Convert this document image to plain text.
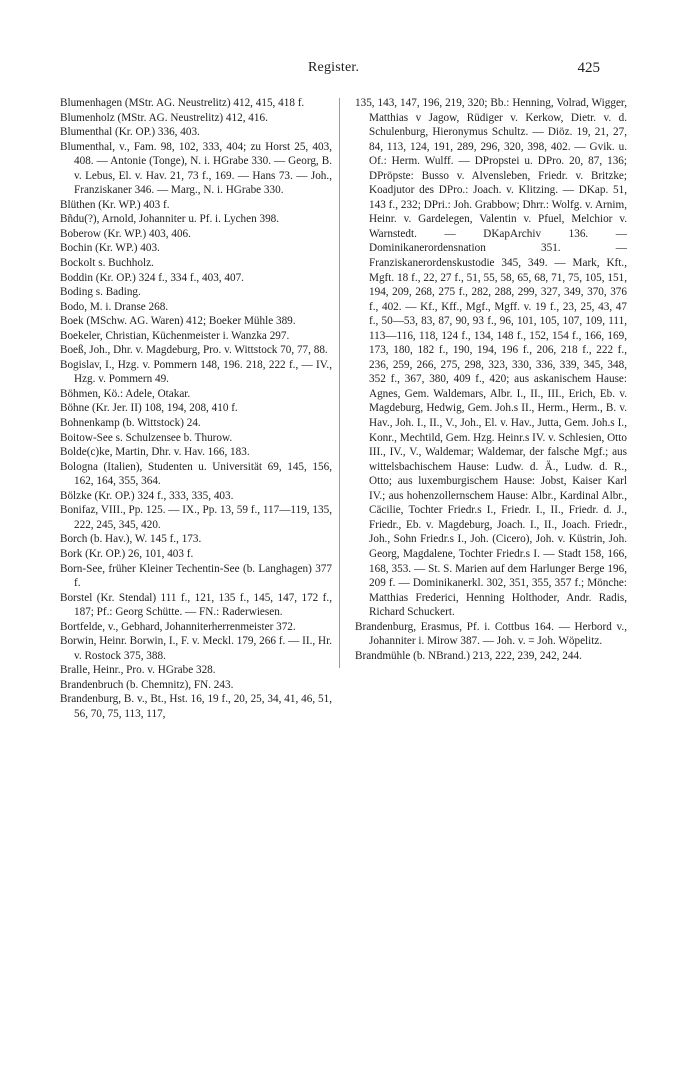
Register.	425

Blumenhagen (MStr. AG. Neustrelitz) 412, 415, 418 f.

Blumenholz (MStr. AG. Neustrelitz) 412, 416.

Blumenthal (Kr. OP.) 336, 403.

Blumenthal, v., Fam. 98, 102, 333, 404; zu Horst 25, 403, 408. — Antonie (Tonge), N. i. HGrabe 330. — Georg, B. v. Lebus, El. v. Hav. 21, 73 f., 169. — Hans 73. — Joh., Franziskaner 346. — Marg., N. i. HGrabe 330.

Blüthen (Kr. WP.) 403 f.

Bñdu(?), Arnold, Johanniter u. Pf. i. Lychen 398.

Boberow (Kr. WP.) 403, 406.

Bochin (Kr. WP.) 403.

Bockolt s. Buchholz.

Boddin (Kr. OP.) 324 f., 334 f., 403, 407.

Boding s. Bading.

Bodo, M. i. Dranse 268.

Boek (MSchw. AG. Waren) 412; Boeker Mühle 389.

Boekeler, Christian, Küchenmeister i. Wanzka 297.

Boeß, Joh., Dhr. v. Magdeburg, Pro. v. Wittstock 70, 77, 88.

Bogislav, I., Hzg. v. Pommern 148, 196. 218, 222 f., — IV., Hzg. v. Pommern 49.

Böhmen, Kö.: Adele, Otakar.

Böhne (Kr. Jer. II) 108, 194, 208, 410 f.

Bohnenkamp (b. Wittstock) 24.

Boitow-See s. Schulzensee b. Thurow.

Bolde(c)ke, Martin, Dhr. v. Hav. 166, 183.

Bologna (Italien), Studenten u. Universität 69, 145, 156, 162, 164, 355, 364.

Bölzke (Kr. OP.) 324 f., 333, 335, 403.

Bonifaz, VIII., Pp. 125. — IX., Pp. 13, 59 f., 117—119, 135, 222, 245, 345, 420.

Borch (b. Hav.), W. 145 f., 173.

Bork (Kr. OP.) 26, 101, 403 f.

Born-See, früher Kleiner Techentin-See (b. Langhagen) 377 f.

Borstel (Kr. Stendal) 111 f., 121, 135 f., 145, 147, 172 f., 187; Pf.: Georg Schütte. — FN.: Raderwiesen.

Bortfelde, v., Gebhard, Johanniterherrenmeister 372.

Borwin, Heinr. Borwin, I., F. v. Meckl. 179, 266 f. — II., Hr. v. Rostock 375, 388.

Bralle, Heinr., Pro. v. HGrabe 328.

Brandenbruch (b. Chemnitz), FN. 243.

Brandenburg, B. v., Bt., Hst. 16, 19 f., 20, 25, 34, 41, 46, 51, 56, 70, 75, 113, 117,

135, 143, 147, 196, 219, 320; Bb.: Henning, Volrad, Wigger, Matthias v Jagow, Rüdiger v. Kerkow, Dietr. v. d. Schulenburg, Hieronymus Schultz. — Diöz. 19, 21, 27, 84, 113, 124, 191, 289, 296, 320, 398, 402. — Gvik. u. Of.: Herm. Wulff. — DPropstei u. DPro. 20, 87, 136; DPröpste: Busso v. Alvensleben, Friedr. v. Britzke; Koadjutor des DPro.: Joach. v. Klitzing. — DKap. 51, 143 f., 232; DPri.: Joh. Grabbow; Dhrr.: Wolfg. v. Arnim, Heinr. v. Gardelegen, Valentin v. Pfuel, Melchior v. Warnstedt. — DKapArchiv 136. — Dominikanerordensnation 351. — Franziskanerordenskustodie 345, 349. — Mark, Kft., Mgft. 18 f., 22, 27 f., 51, 55, 58, 65, 68, 71, 75, 105, 151, 194, 209, 268, 275 f., 282, 288, 299, 327, 349, 370, 376 f., 402. — Kf., Kff., Mgf., Mgff. v. 19 f., 23, 25, 43, 47 f., 50—53, 83, 87, 90, 93 f., 96, 101, 105, 107, 109, 111, 113—116, 118, 124 f., 134, 148 f., 152, 154 f., 166, 169, 173, 180, 182 f., 190, 194, 196 f., 206, 218 f., 222 f., 236, 259, 266, 275, 298, 323, 330, 336, 339, 345, 348, 352 f., 367, 380, 409 f., 420; aus askanischem Hause: Agnes, Gem. Waldemars, Albr. I., II., III., Erich, Eb. v. Magdeburg, Hedwig, Gem. Joh.s II., Herm., Herm., B. v. Hav., Joh. I., II., V., Joh., El. v. Hav., Jutta, Gem. Joh.s I., Konr., Mechtild, Gem. Hzg. Heinr.s IV. v. Schlesien, Otto III., IV., V., Waldemar; Waldemar, der falsche Mgf.; aus wittelsbachischem Hause: Ludw. d. Ä., Ludw. d. R., Otto; aus luxemburgischem Hause: Jobst, Kaiser Karl IV.; aus hohenzollernschem Hause: Albr., Kardinal Albr., Cäcilie, Tochter Friedr.s I., Friedr. I., II., Friedr. d. J., Friedr., Eb. v. Magdeburg, Joach. I., II., Joach. Friedr., Joh., Sohn Friedr.s I., Joh. (Cicero), Joh. v. Küstrin, Joh. Georg, Magdalene, Tochter Friedr.s I. — Stadt 158, 166, 168, 353. — St. S. Marien auf dem Harlunger Berge 196, 209 f. — Dominikanerkl. 302, 351, 355, 357 f.; Mönche: Matthias Frederici, Henning Holthoder, Andr. Radis, Richard Schuckert.

Brandenburg, Erasmus, Pf. i. Cottbus 164. — Herbord v., Johanniter i. Mirow 387. — Joh. v. = Joh. Wöpelitz.

Brandmühle (b. NBrand.) 213, 222, 239, 242, 244.
